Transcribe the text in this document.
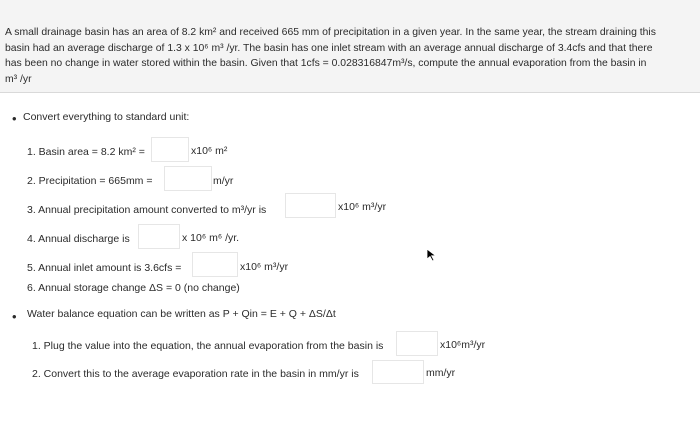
A small drainage basin has an area of 8.2 km² and received 665 mm of precipitation in a given year. In the same year, the stream draining this
basin had an average discharge of 1.3 x 10⁶ m³ /yr. The basin has one inlet stream with an average annual discharge of 3.4cfs and that there
has been no change in water stored within the basin. Given that 1cfs = 0.028316847m³/s, compute the annual evaporation from the basin in
m³ /yr

• Convert everything to standard unit:
1. Basin area = 8.2 km² =	x10⁶ m²
2. Precipitation = 665mm =	m/yr
3. Annual precipitation amount converted to m³/yr is	x10⁶ m³/yr
4. Annual discharge is	x 10⁶ m⁶ /yr.
5. Annual inlet amount is 3.6cfs =	x10⁶ m³/yr
6. Annual storage change ΔS = 0 (no change)
• Water balance equation can be written as P + Qin = E + Q + ΔS/Δt
1. Plug the value into the equation, the annual evaporation from the basin is	x10⁶m³/yr
2. Convert this to the average evaporation rate in the basin in mm/yr is	mm/yr
